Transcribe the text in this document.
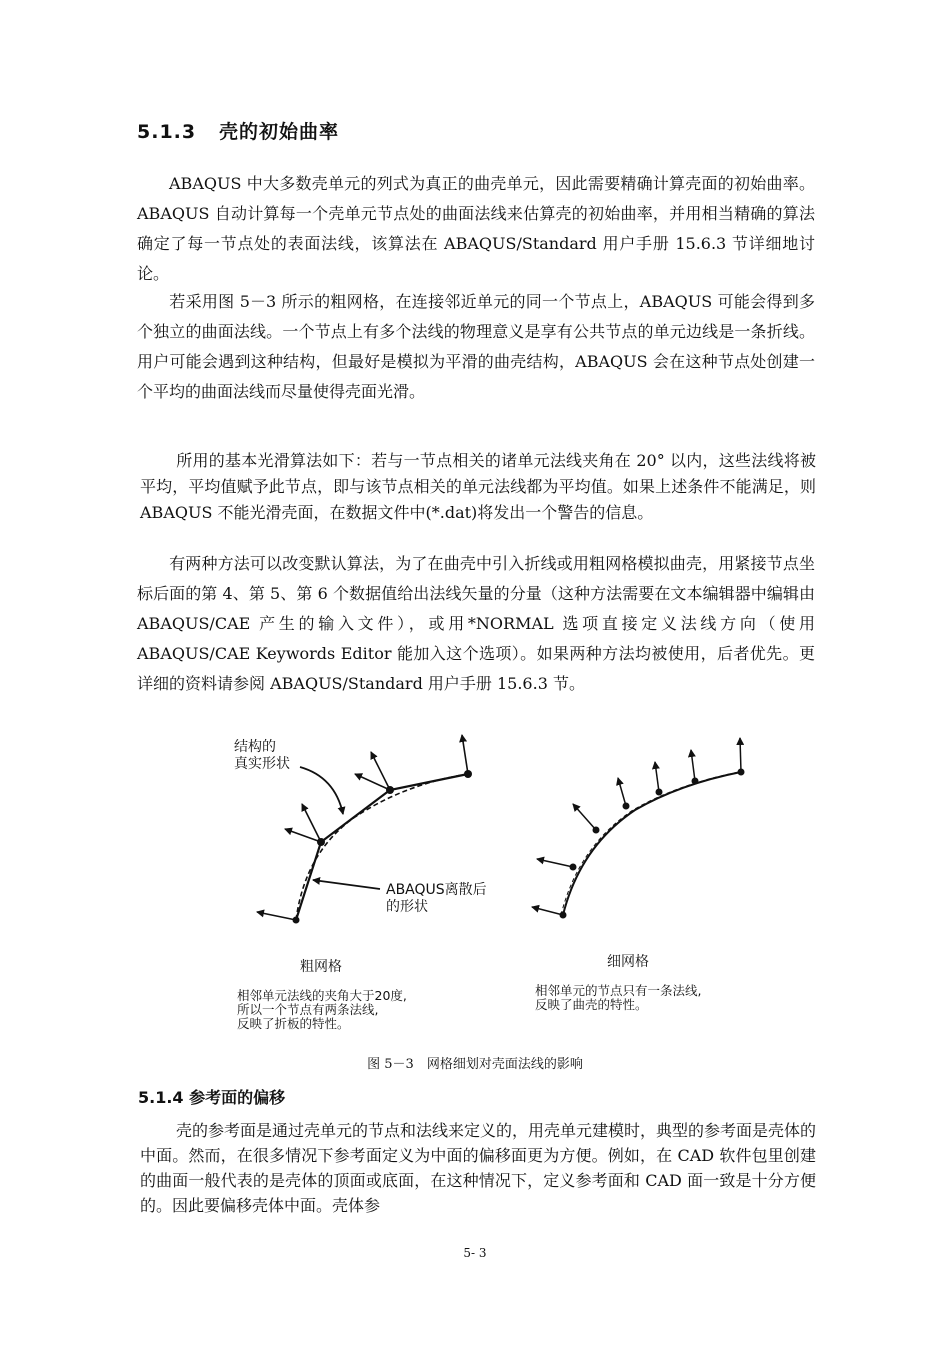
5.1.3 壳的初始曲率

ABAQUS 中大多数壳单元的列式为真正的曲壳单元，因此需要精确计算壳面的初始曲率。ABAQUS 自动计算每一个壳单元节点处的曲面法线来估算壳的初始曲率，并用相当精确的算法确定了每一节点处的表面法线，该算法在 ABAQUS/Standard 用户手册 15.6.3 节详细地讨论。

若采用图 5－3 所示的粗网格，在连接邻近单元的同一个节点上，ABAQUS 可能会得到多个独立的曲面法线。一个节点上有多个法线的物理意义是享有公共节点的单元边线是一条折线。用户可能会遇到这种结构，但最好是模拟为平滑的曲壳结构，ABAQUS 会在这种节点处创建一个平均的曲面法线而尽量使得壳面光滑。

所用的基本光滑算法如下：若与一节点相关的诸单元法线夹角在 20° 以内，这些法线将被平均，平均值赋予此节点，即与该节点相关的单元法线都为平均值。如果上述条件不能满足，则 ABAQUS 不能光滑壳面，在数据文件中(*.dat)将发出一个警告的信息。

有两种方法可以改变默认算法，为了在曲壳中引入折线或用粗网格模拟曲壳，用紧接节点坐标后面的第 4、第 5、第 6 个数据值给出法线矢量的分量（这种方法需要在文本编辑器中编辑由 ABAQUS/CAE 产生的输入文件），或用*NORMAL 选项直接定义法线方向（使用 ABAQUS/CAE Keywords Editor 能加入这个选项）。如果两种方法均被使用，后者优先。更详细的资料请参阅 ABAQUS/Standard 用户手册 15.6.3 节。

结构的
真实形状
ABAQUS离散后
的形状
粗网格	细网格
相邻单元法线的夹角大于20度,
所以一个节点有两条法线,
反映了折板的特性。
相邻单元的节点只有一条法线,
反映了曲壳的特性。
图 5－3　网格细划对壳面法线的影响
5.1.4 参考面的偏移

壳的参考面是通过壳单元的节点和法线来定义的，用壳单元建模时，典型的参考面是壳体的中面。然而，在很多情况下参考面定义为中面的偏移面更为方便。例如，在 CAD 软件包里创建的曲面一般代表的是壳体的顶面或底面，在这种情况下，定义参考面和 CAD 面一致是十分方便的。因此要偏移壳体中面。壳体参

5- 3
